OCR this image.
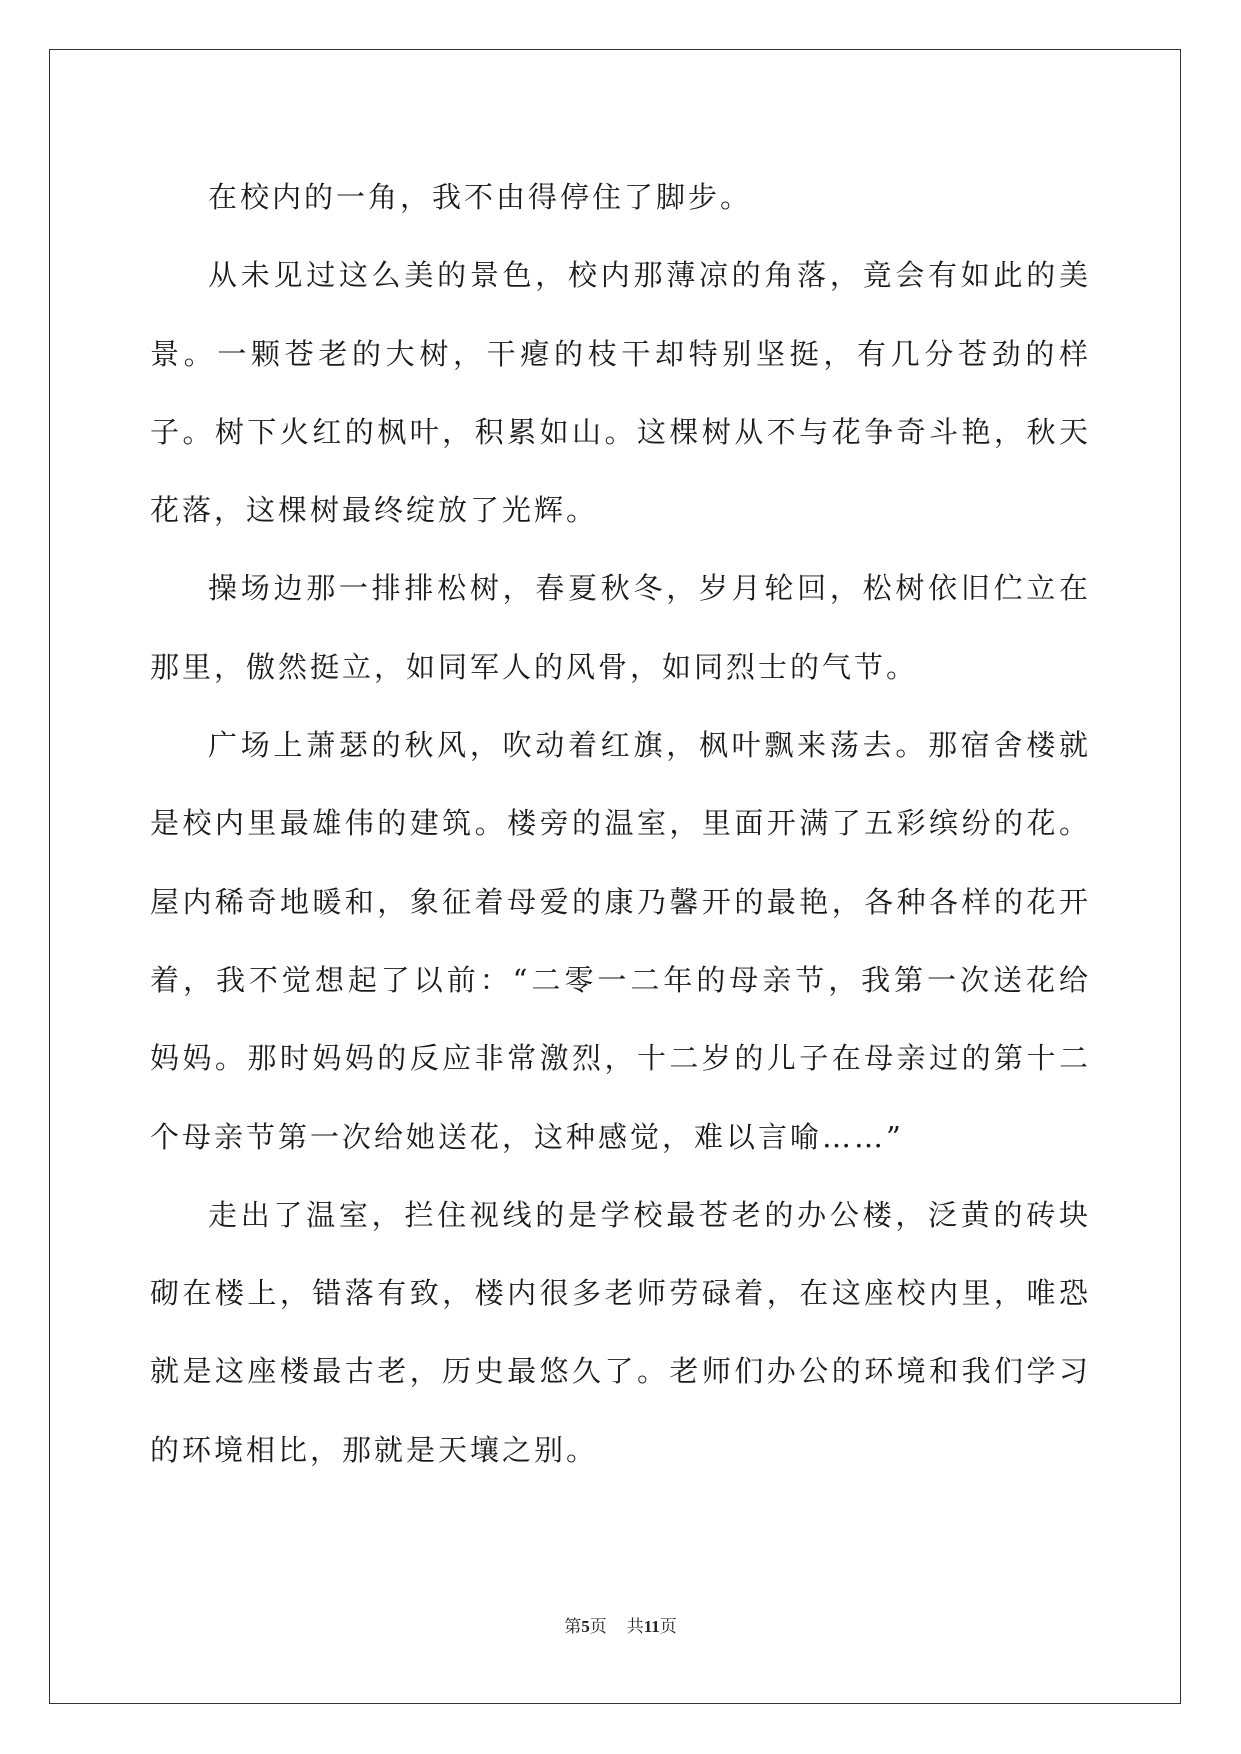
在校内的一角，我不由得停住了脚步。

从未见过这么美的景色，校内那薄凉的角落，竟会有如此的美景。一颗苍老的大树，干瘪的枝干却特别坚挺，有几分苍劲的样子。树下火红的枫叶，积累如山。这棵树从不与花争奇斗艳，秋天花落，这棵树最终绽放了光辉。

操场边那一排排松树，春夏秋冬，岁月轮回，松树依旧伫立在那里，傲然挺立，如同军人的风骨，如同烈士的气节。

广场上萧瑟的秋风，吹动着红旗，枫叶飘来荡去。那宿舍楼就是校内里最雄伟的建筑。楼旁的温室，里面开满了五彩缤纷的花。屋内稀奇地暖和，象征着母爱的康乃馨开的最艳，各种各样的花开着，我不觉想起了以前：“二零一二年的母亲节，我第一次送花给妈妈。那时妈妈的反应非常激烈，十二岁的儿子在母亲过的第十二个母亲节第一次给她送花，这种感觉，难以言喻……”

走出了温室，拦住视线的是学校最苍老的办公楼，泛黄的砖块砌在楼上，错落有致，楼内很多老师劳碌着，在这座校内里，唯恐就是这座楼最古老，历史最悠久了。老师们办公的环境和我们学习的环境相比，那就是天壤之别。

第5页 共11页
